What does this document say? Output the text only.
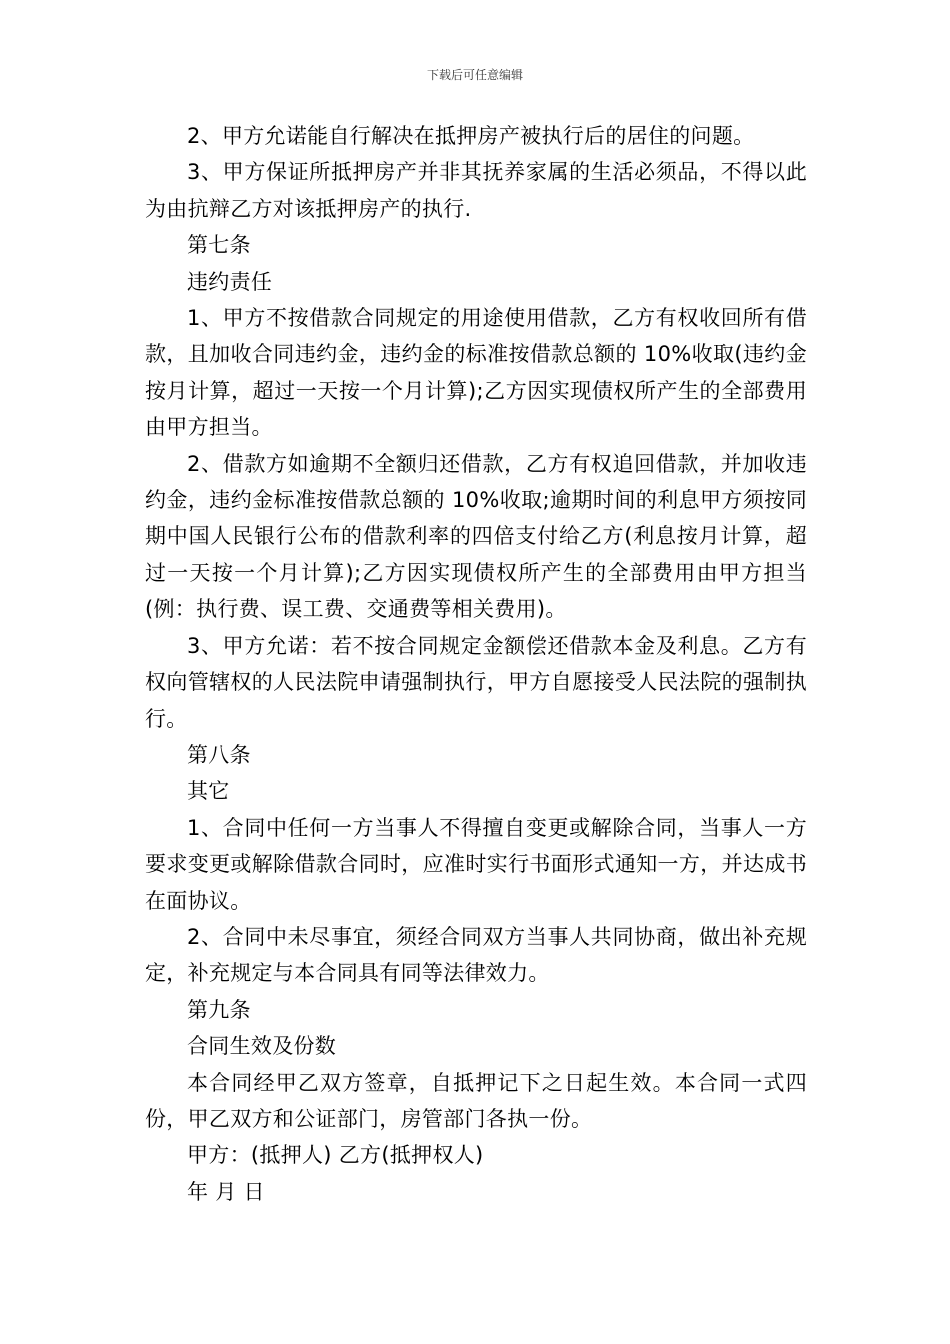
下载后可任意编辑

2、甲方允诺能自行解决在抵押房产被执行后的居住的问题。

3、甲方保证所抵押房产并非其抚养家属的生活必须品，不得以此为由抗辩乙方对该抵押房产的执行.

第七条

违约责任

1、甲方不按借款合同规定的用途使用借款，乙方有权收回所有借款，且加收合同违约金，违约金的标准按借款总额的 10%收取(违约金按月计算，超过一天按一个月计算);乙方因实现债权所产生的全部费用由甲方担当。

2、借款方如逾期不全额归还借款，乙方有权追回借款，并加收违约金，违约金标准按借款总额的 10%收取;逾期时间的利息甲方须按同期中国人民银行公布的借款利率的四倍支付给乙方(利息按月计算，超过一天按一个月计算);乙方因实现债权所产生的全部费用由甲方担当(例：执行费、误工费、交通费等相关费用)。

3、甲方允诺：若不按合同规定金额偿还借款本金及利息。乙方有权向管辖权的人民法院申请强制执行，甲方自愿接受人民法院的强制执行。

第八条

其它

1、合同中任何一方当事人不得擅自变更或解除合同，当事人一方要求变更或解除借款合同时，应准时实行书面形式通知一方，并达成书在面协议。

2、合同中未尽事宜，须经合同双方当事人共同协商，做出补充规定，补充规定与本合同具有同等法律效力。

第九条

合同生效及份数

本合同经甲乙双方签章，自抵押记下之日起生效。本合同一式四份，甲乙双方和公证部门，房管部门各执一份。

甲方：(抵押人) 乙方(抵押权人)

年 月 日
